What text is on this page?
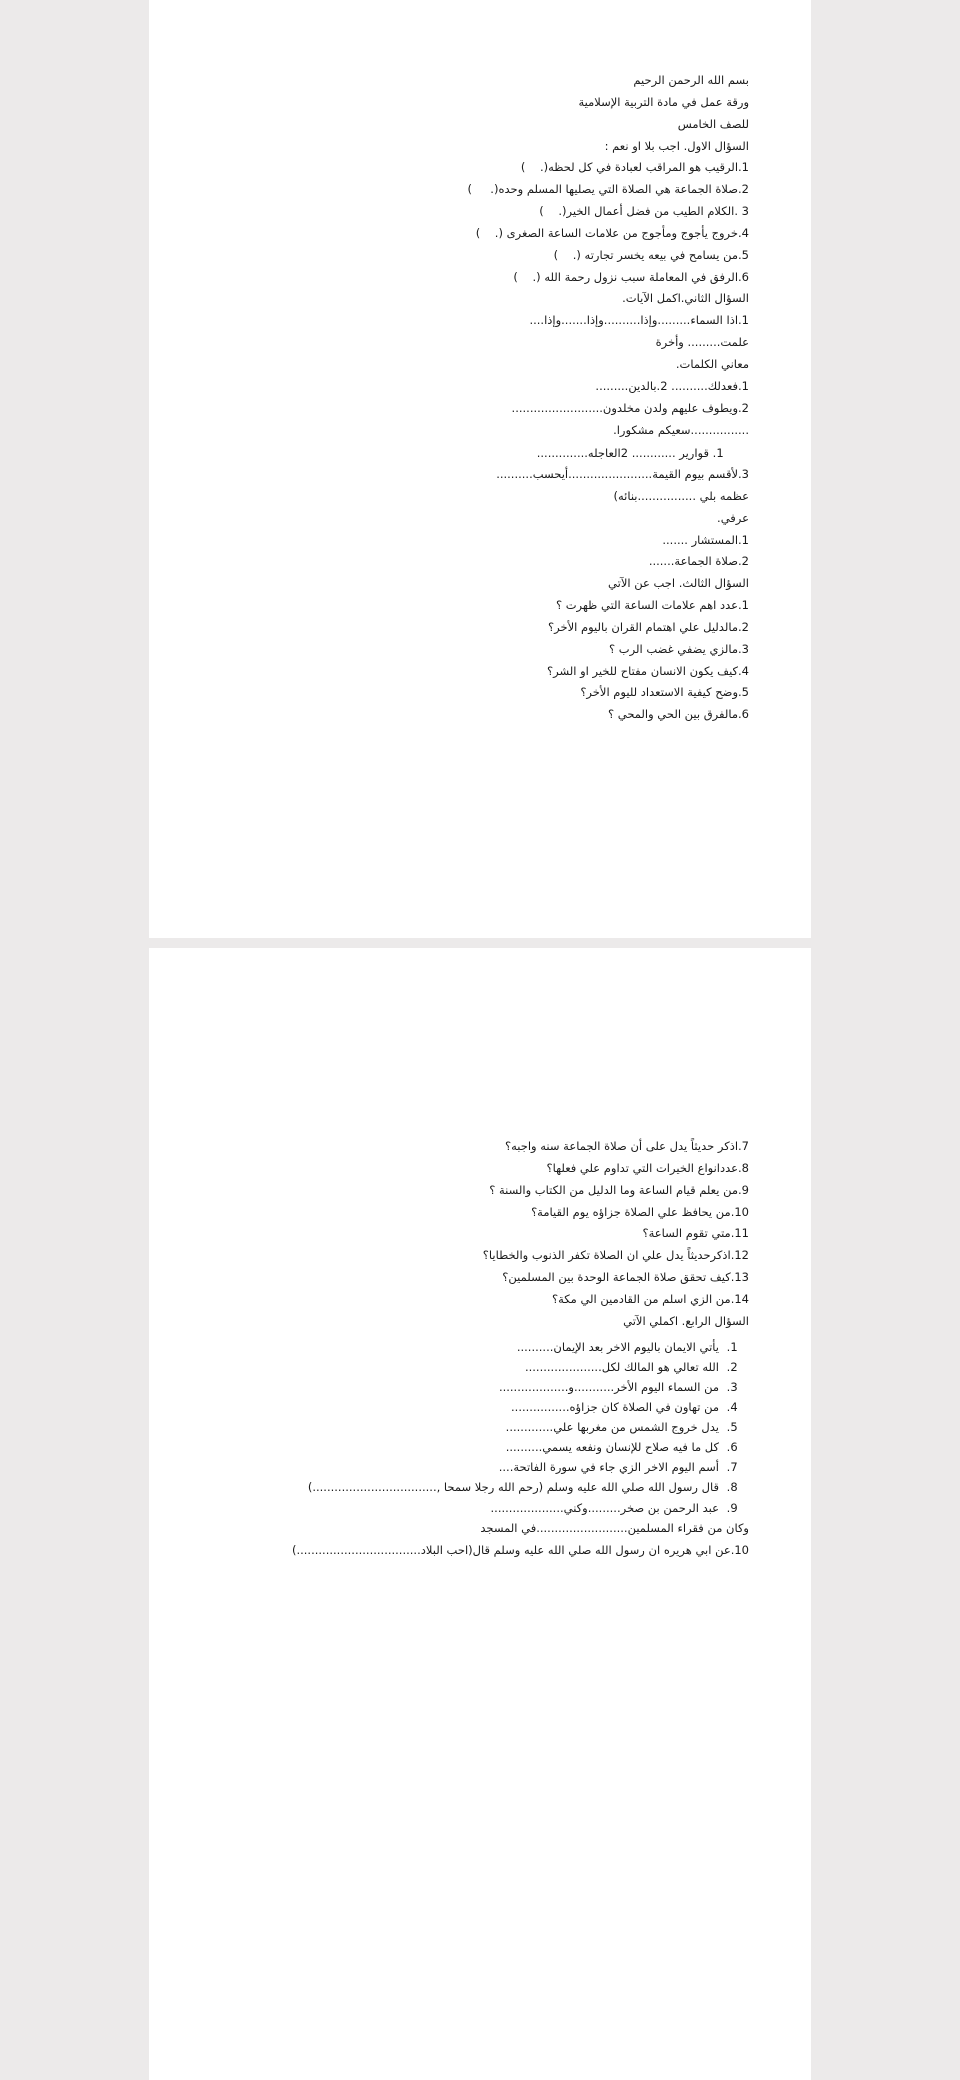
بسم الله الرحمن الرحيم

ورقة عمل في مادة التربية الإسلامية

للصف الخامس

السؤال الاول. اجب بلا او نعم :

1.الرقيب هو المراقب لعبادة في كل لحظه(.    )

2.صلاة الجماعة هي الصلاة التي يصليها المسلم وحده(.     )

3 .الكلام الطيب من فضل أعمال الخير(.    )

4.خروج يأجوج ومأجوج من علامات الساعة الصغرى (.    )

5.من يسامح في بيعه يخسر تجارته (.    )

6.الرفق في المعاملة سبب نزول رحمة الله (.    )

السؤال الثاني.اكمل الآيات.

1.اذا السماء.........وإذا..........وإذا.......وإذا....

علمت......... وأخرة

معاني الكلمات.

1.فعدلك.......... 2.بالدين.........

2.ويطوف عليهم ولدن مخلدون.........................

................سعيكم مشكورا.

1. قوارير ............ 2العاجله..............

3.لأقسم بيوم القيمة.......................أيحسب..........

عظمه بلي ................بنائه)

عرفي.

1.المستشار .......

2.صلاة الجماعة.......

السؤال الثالث. اجب عن الآتي

1.عدد اهم علامات الساعة التي ظهرت ؟

2.مالدليل علي اهتمام القران باليوم الأخر؟

3.مالزي يضفي غضب الرب ؟

4.كيف يكون الانسان مفتاح للخير او الشر؟

5.وضح كيفية الاستعداد لليوم الأخر؟

6.مالفرق بين الحي والمحي ؟

7.اذكر حديثاً يدل على أن صلاة الجماعة سنه واجبه؟

8.عددانواع الخيرات التي تداوم علي فعلها؟

9.من يعلم قيام الساعة وما الدليل من الكتاب والسنة ؟

10.من يحافظ علي الصلاة جزاؤه يوم القيامة؟

11.متي تقوم الساعة؟

12.اذكرحديثاً يدل علي ان الصلاة تكفر الذنوب والخطايا؟

13.كيف تحقق صلاة الجماعة الوحدة بين المسلمين؟

14.من الزي اسلم من القادمين الي مكة؟

السؤال الرابع. اكملي الآتي

1. يأتي الايمان باليوم الاخر بعد الإيمان..........
2. الله تعالي هو المالك لكل.....................
3. من السماء اليوم الأخر...........و...................
4. من تهاون في الصلاة كان جزاؤه................
5. يدل خروج الشمس من مغربها علي.............
6. كل ما فيه صلاح للإنسان ونفعه يسمي..........
7. أسم اليوم الاخر الزي جاء في سورة الفاتحة....
8. قال رسول الله صلي الله عليه وسلم (رحم الله رجلا سمحا ,..................................)
9. عبد الرحمن بن صخر.........وكني....................

وكان من فقراء المسلمين.........................في المسجد

10.عن ابي هريره ان رسول الله صلي الله عليه وسلم قال(احب البلاد..................................)
